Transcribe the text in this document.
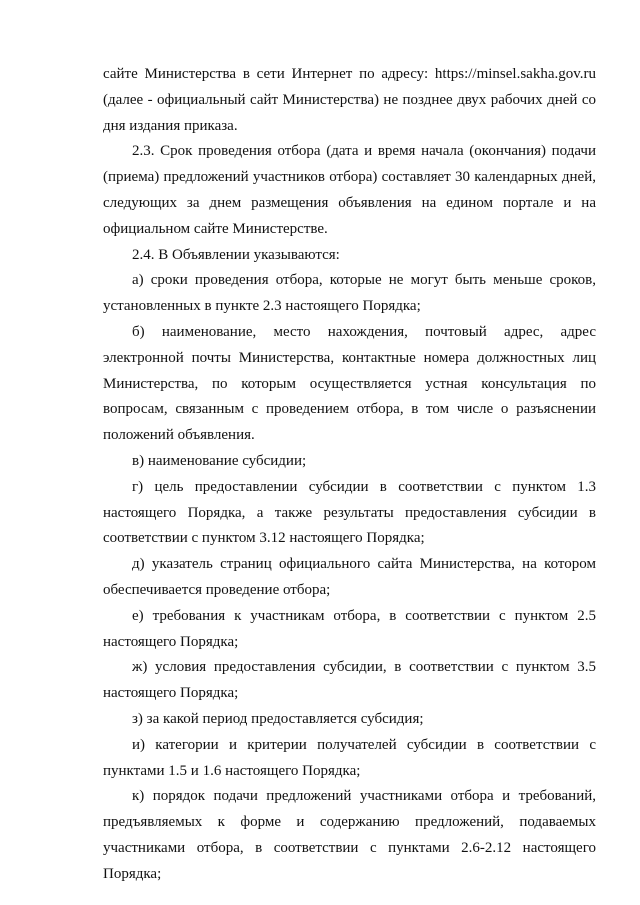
сайте Министерства в сети Интернет по адресу: https://minsel.sakha.gov.ru (далее - официальный сайт Министерства) не позднее двух рабочих дней со дня издания приказа.

2.3. Срок проведения отбора (дата и время начала (окончания) подачи (приема) предложений участников отбора) составляет 30 календарных дней, следующих за днем размещения объявления на едином портале и на официальном сайте Министерстве.

2.4. В Объявлении указываются:

а) сроки проведения отбора, которые не могут быть меньше сроков, установленных в пункте 2.3 настоящего Порядка;

б) наименование, место нахождения, почтовый адрес, адрес электронной почты Министерства, контактные номера должностных лиц Министерства, по которым осуществляется устная консультация по вопросам, связанным с проведением отбора, в том числе о разъяснении положений объявления.

в) наименование субсидии;

г) цель предоставлении субсидии в соответствии с пунктом 1.3 настоящего Порядка, а также результаты предоставления субсидии в соответствии с пунктом 3.12 настоящего Порядка;

д) указатель страниц официального сайта Министерства, на котором обеспечивается проведение отбора;

е) требования к участникам отбора, в соответствии с пунктом 2.5 настоящего Порядка;

ж) условия предоставления субсидии, в соответствии с пунктом 3.5 настоящего Порядка;

з) за какой период предоставляется субсидия;

и) категории и критерии получателей субсидии в соответствии с пунктами 1.5 и 1.6 настоящего Порядка;

к) порядок подачи предложений участниками отбора и требований, предъявляемых к форме и содержанию предложений, подаваемых участниками отбора, в соответствии с пунктами 2.6-2.12 настоящего Порядка;
